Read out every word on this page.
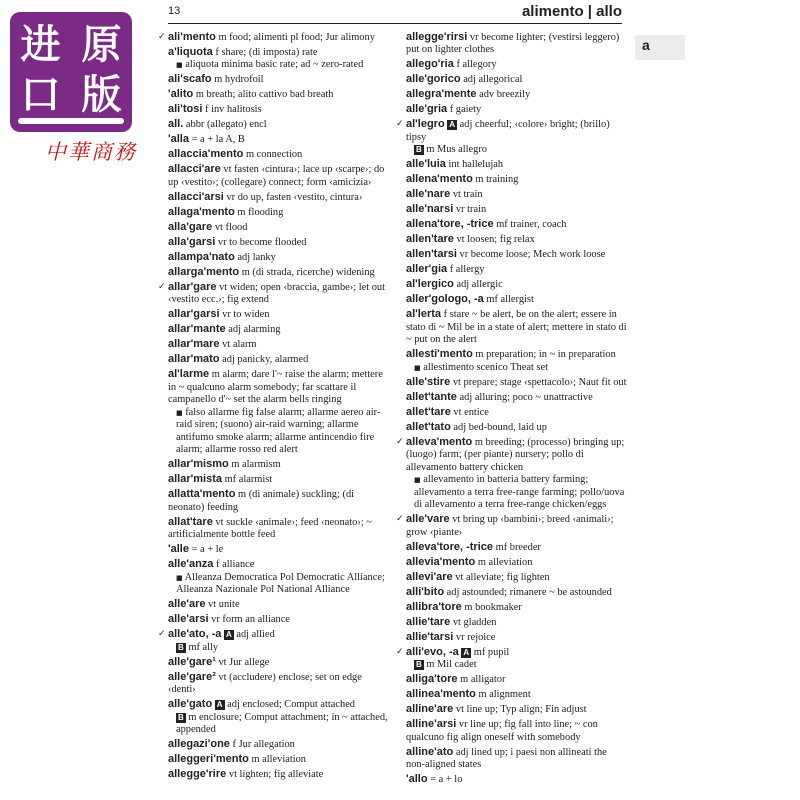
进 原
口 版
中華商務
13	alimento | allo
a
✓ ali'mento m food; alimenti pl food; Jur alimony
a'liquota f share; (di imposta) rate
■ aliquota minima basic rate; ad ~ zero-rated
ali'scafo m hydrofoil
'alito m breath; alito cattivo bad breath
ali'tosi f inv halitosis
all. abbr (allegato) encl
'alla = a + la A, B
allaccia'mento m connection
allacci'are vt fasten ‹cintura›; lace up ‹scarpe›; do up ‹vestito›; (collegare) connect; form ‹amicizia›
allacci'arsi vr do up, fasten ‹vestito, cintura›
allaga'mento m flooding
alla'gare vt flood
alla'garsi vr to become flooded
allampa'nato adj lanky
allarga'mento m (di strada, ricerche) widening
✓ allar'gare vt widen; open ‹braccia, gambe›; let out ‹vestito ecc.›; fig extend
allar'garsi vr to widen
allar'mante adj alarming
allar'mare vt alarm
allar'mato adj panicky, alarmed
al'larme m alarm; dare l'~ raise the alarm; mettere in ~ qualcuno alarm somebody; far scattare il campanello d'~ set the alarm bells ringing
■ falso allarme fig false alarm; allarme aereo air-raid siren; (suono) air-raid warning; allarme antifumo smoke alarm; allarme antincendio fire alarm; allarme rosso red alert
allar'mismo m alarmism
allar'mista mf alarmist
allatta'mento m (di animale) suckling; (di neonato) feeding
allat'tare vt suckle ‹animale›; feed ‹neonato›; ~ artificialmente bottle feed
'alle = a + le
alle'anza f alliance
■ Alleanza Democratica Pol Democratic Alliance; Alleanza Nazionale Pol National Alliance
alle'are vt unite
alle'arsi vr form an alliance
✓ alle'ato, -a A adj allied
B mf ally
alle'gare¹ vt Jur allege
alle'gare² vt (accludere) enclose; set on edge ‹denti›
alle'gato A adj enclosed; Comput attached
B m enclosure; Comput attachment; in ~ attached, appended
allegazi'one f Jur allegation
alleggeri'mento m alleviation
allegge'rire vt lighten; fig alleviate
allegge'rirsi vr become lighter; (vestirsi leggero) put on lighter clothes
allego'ria f allegory
alle'gorico adj allegorical
allegra'mente adv breezily
alle'gria f gaiety
✓ al'legro A adj cheerful; ‹colore› bright; (brillo) tipsy
B m Mus allegro
alle'luia int hallelujah
allena'mento m training
alle'nare vt train
alle'narsi vr train
allena'tore, -trice mf trainer, coach
allen'tare vt loosen; fig relax
allen'tarsi vr become loose; Mech work loose
aller'gia f allergy
al'lergico adj allergic
aller'gologo, -a mf allergist
al'lerta f stare ~ be alert, be on the alert; essere in stato di ~ Mil be in a state of alert; mettere in stato di ~ put on the alert
allesti'mento m preparation; in ~ in preparation
■ allestimento scenico Theat set
alle'stire vt prepare; stage ‹spettacolo›; Naut fit out
allet'tante adj alluring; poco ~ unattractive
allet'tare vt entice
allet'tato adj bed-bound, laid up
✓ alleva'mento m breeding; (processo) bringing up; (luogo) farm; (per piante) nursery; pollo di allevamento battery chicken
■ allevamento in batteria battery farming; allevamento a terra free-range farming; pollo/uova di allevamento a terra free-range chicken/eggs
✓ alle'vare vt bring up ‹bambini›; breed ‹animali›; grow ‹piante›
alleva'tore, -trice mf breeder
allevia'mento m alleviation
allevi'are vt alleviate; fig lighten
alli'bito adj astounded; rimanere ~ be astounded
allibra'tore m bookmaker
allie'tare vt gladden
allie'tarsi vr rejoice
✓ alli'evo, -a A mf pupil
B m Mil cadet
alliga'tore m alligator
allinea'mento m alignment
alline'are vt line up; Typ align; Fin adjust
alline'arsi vr line up; fig fall into line; ~ con qualcuno fig align oneself with somebody
alline'ato adj lined up; i paesi non allineati the non-aligned states
'allo = a + lo
